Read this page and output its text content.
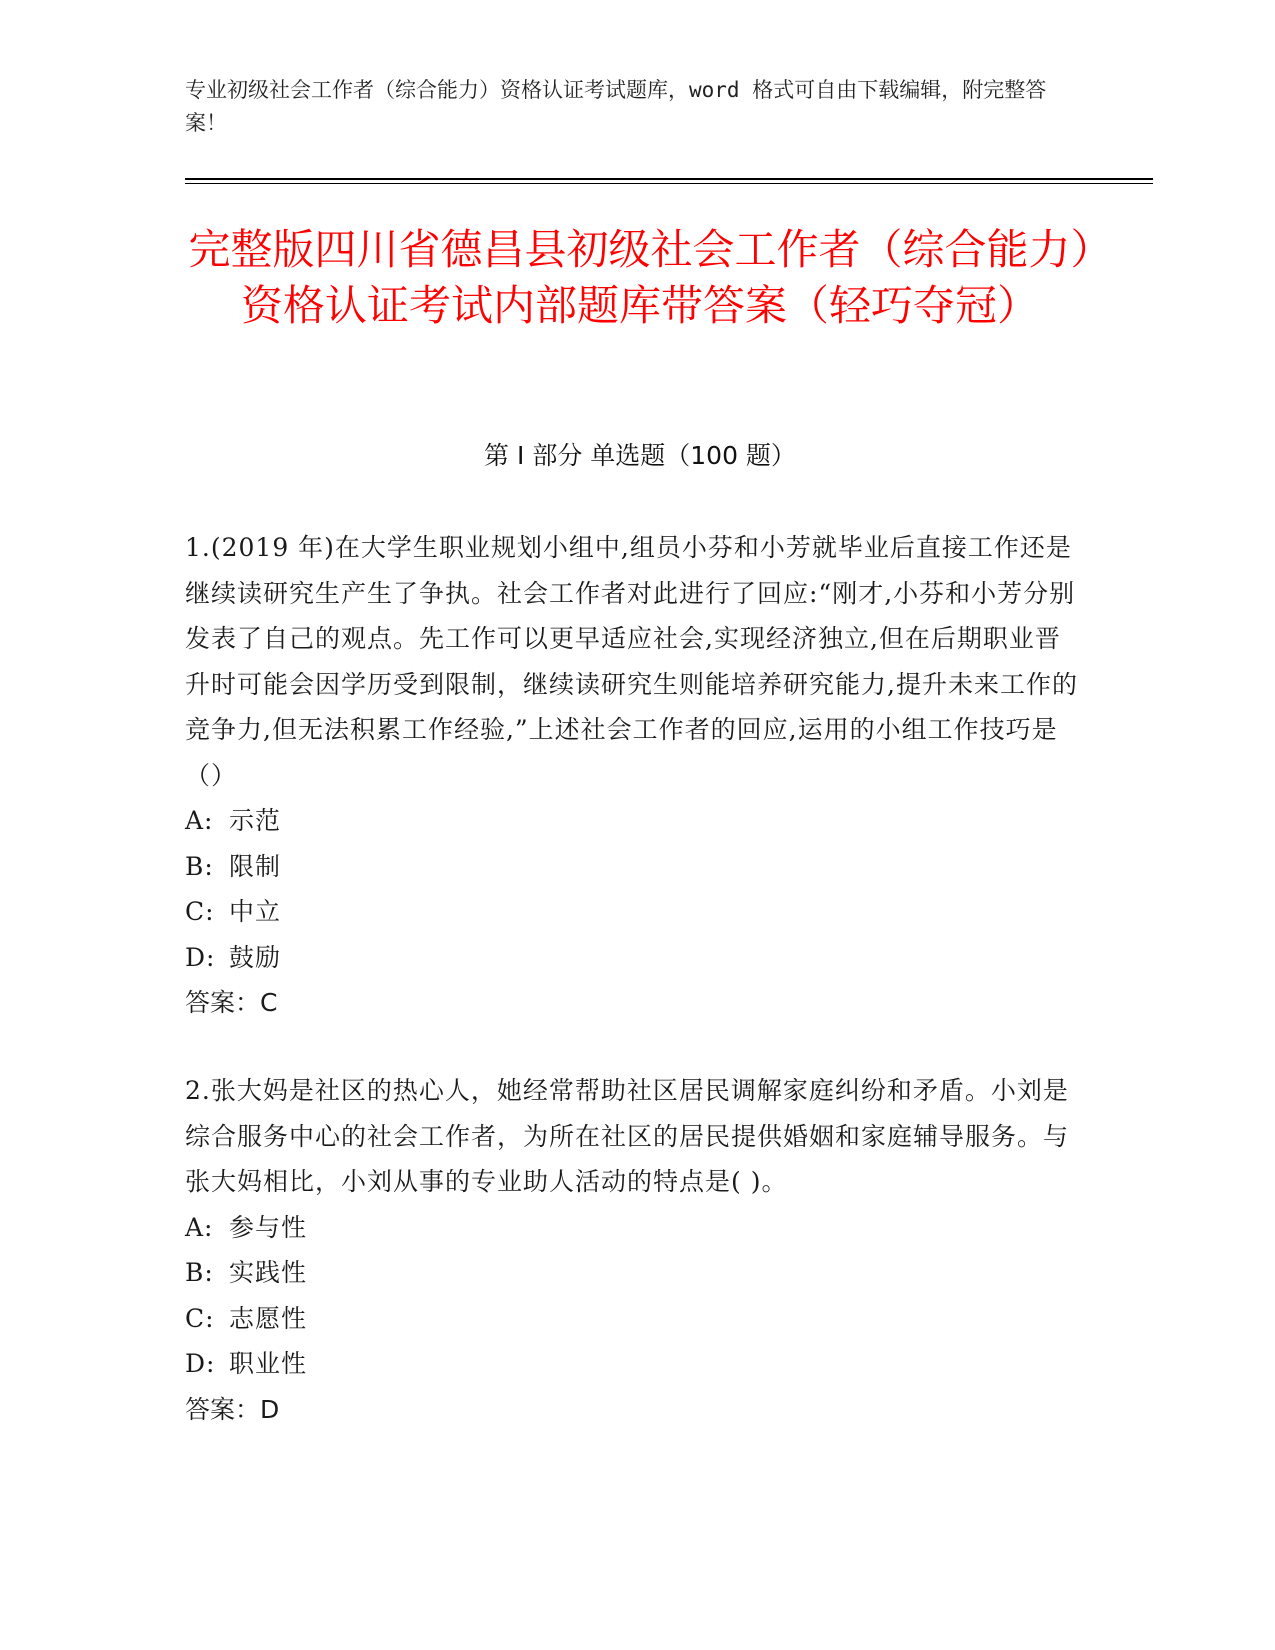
专业初级社会工作者（综合能力）资格认证考试题库，word 格式可自由下载编辑，附完整答案！
完整版四川省德昌县初级社会工作者（综合能力）资格认证考试内部题库带答案（轻巧夺冠）
第 I 部分 单选题（100 题）

1.(2019 年)在大学生职业规划小组中,组员小芬和小芳就毕业后直接工作还是继续读研究生产生了争执。社会工作者对此进行了回应:“刚才,小芬和小芳分别发表了自己的观点。先工作可以更早适应社会,实现经济独立,但在后期职业晋升时可能会因学历受到限制，继续读研究生则能培养研究能力,提升未来工作的竞争力,但无法积累工作经验,”上述社会工作者的回应,运用的小组工作技巧是（）

A: 示范
B: 限制
C: 中立
D: 鼓励
答案：C

2.张大妈是社区的热心人，她经常帮助社区居民调解家庭纠纷和矛盾。小刘是综合服务中心的社会工作者，为所在社区的居民提供婚姻和家庭辅导服务。与张大妈相比，小刘从事的专业助人活动的特点是( )。

A: 参与性
B: 实践性
C: 志愿性
D: 职业性
答案：D
